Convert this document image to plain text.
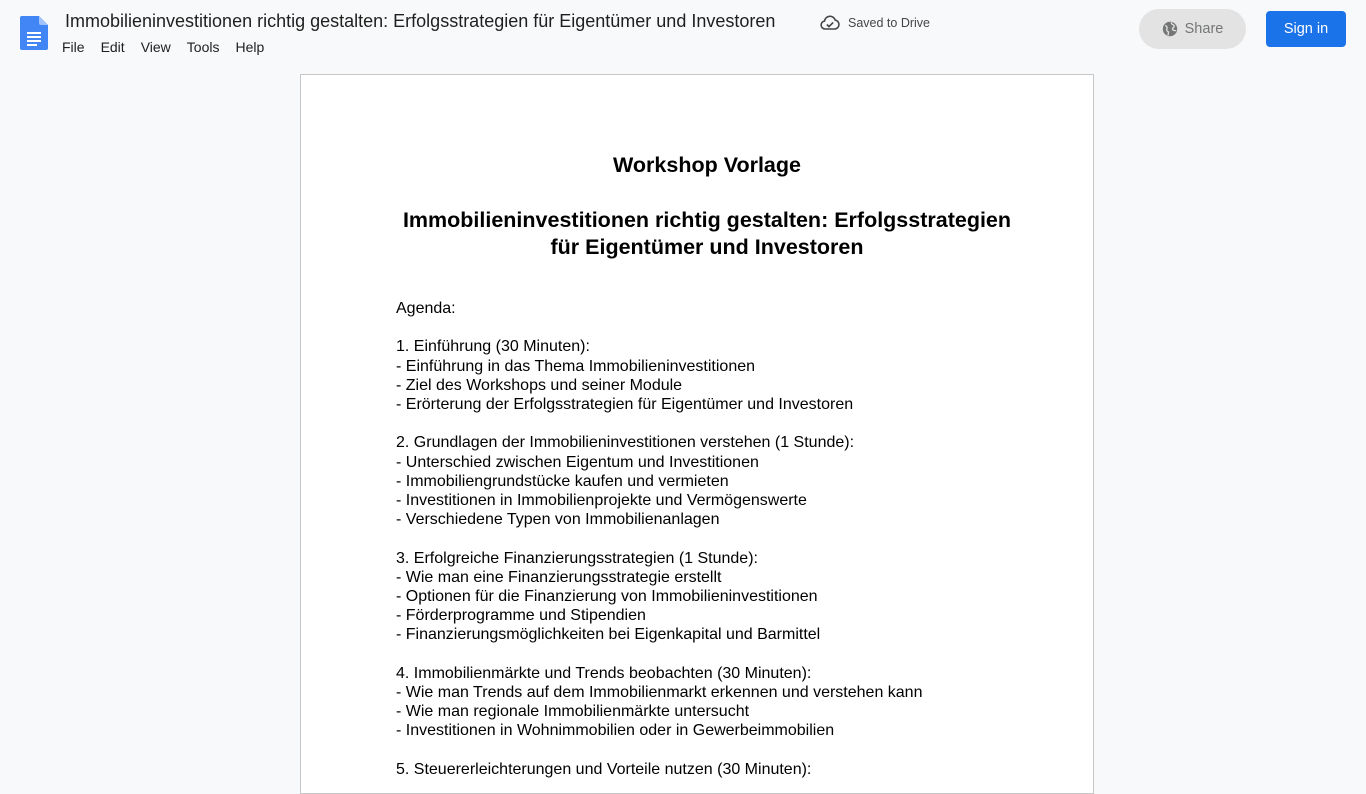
Immobilieninvestitionen richtig gestalten: Erfolgsstrategien für Eigentümer und Investoren	Saved to Drive
File	Edit	View	Tools	Help
Share	Sign in
Workshop Vorlage
Immobilieninvestitionen richtig gestalten: Erfolgsstrategien
für Eigentümer und Investoren
Agenda:
1. Einführung (30 Minuten):
- Einführung in das Thema Immobilieninvestitionen
- Ziel des Workshops und seiner Module
- Erörterung der Erfolgsstrategien für Eigentümer und Investoren
2. Grundlagen der Immobilieninvestitionen verstehen (1 Stunde):
- Unterschied zwischen Eigentum und Investitionen
- Immobiliengrundstücke kaufen und vermieten
- Investitionen in Immobilienprojekte und Vermögenswerte
- Verschiedene Typen von Immobilienanlagen
3. Erfolgreiche Finanzierungsstrategien (1 Stunde):
- Wie man eine Finanzierungsstrategie erstellt
- Optionen für die Finanzierung von Immobilieninvestitionen
- Förderprogramme und Stipendien
- Finanzierungsmöglichkeiten bei Eigenkapital und Barmittel
4. Immobilienmärkte und Trends beobachten (30 Minuten):
- Wie man Trends auf dem Immobilienmarkt erkennen und verstehen kann
- Wie man regionale Immobilienmärkte untersucht
- Investitionen in Wohnimmobilien oder in Gewerbeimmobilien
5. Steuererleichterungen und Vorteile nutzen (30 Minuten):
